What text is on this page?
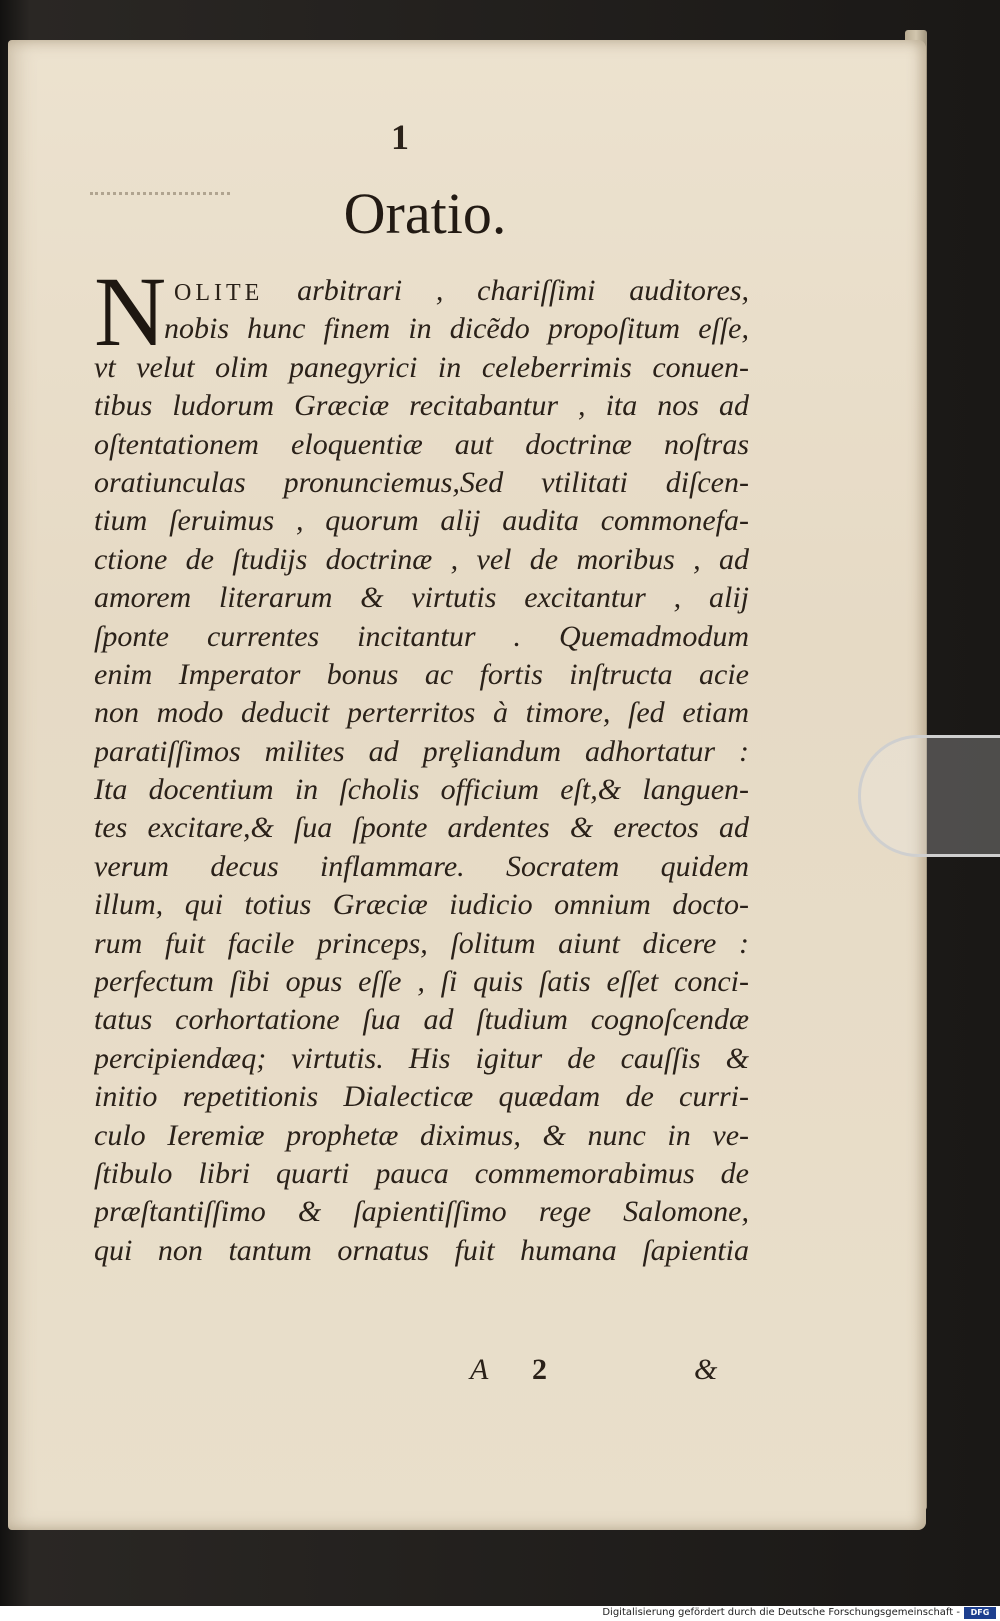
1
Oratio.
N OLITE arbitrari , chariſſimi auditores,
nobis hunc finem in dicẽdo propoſitum eſſe,
vt velut olim panegyrici in celeberrimis conuen-
tibus ludorum Græciæ recitabantur , ita nos ad
oſtentationem eloquentiæ aut doctrinæ noſtras
oratiunculas pronunciemus,Sed vtilitati diſcen-
tium ſeruimus , quorum alij audita commonefa-
ctione de ſtudijs doctrinæ , vel de moribus , ad
amorem literarum & virtutis excitantur , alij
ſponte currentes incitantur . Quemadmodum
enim Imperator bonus ac fortis inſtructa acie
non modo deducit perterritos à timore, ſed etiam
paratiſſimos milites ad prȩliandum adhortatur :
Ita docentium in ſcholis officium eſt,& languen-
tes excitare,& ſua ſponte ardentes & erectos ad
verum decus inflammare. Socratem quidem
illum, qui totius Græciæ iudicio omnium docto-
rum fuit facile princeps, ſolitum aiunt dicere :
perfectum ſibi opus eſſe , ſi quis ſatis eſſet conci-
tatus corhortatione ſua ad ſtudium cognoſcendæ
percipiendæq; virtutis. His igitur de cauſſis &
initio repetitionis Dialecticæ quædam de curri-
culo Ieremiæ prophetæ diximus, & nunc in ve-
ſtibulo libri quarti pauca commemorabimus de
præſtantiſſimo & ſapientiſſimo rege Salomone,
qui non tantum ornatus fuit humana ſapientia
A 2	&
Digitalisierung gefördert durch die Deutsche Forschungsgemeinschaft -	DFG
